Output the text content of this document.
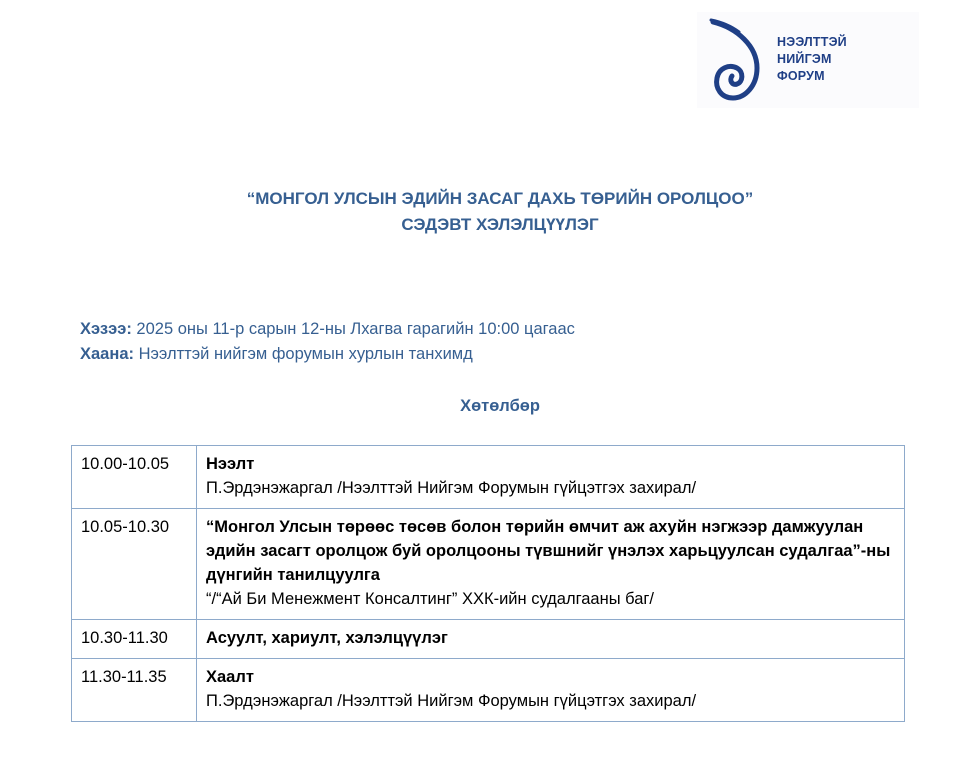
НЭЭЛТТЭЙ
НИЙГЭМ
ФОРУМ
“МОНГОЛ УЛСЫН ЭДИЙН ЗАСАГ ДАХЬ ТӨРИЙН ОРОЛЦОО”
СЭДЭВТ ХЭЛЭЛЦҮҮЛЭГ
Хэзээ: 2025 оны 11-р сарын 12-ны Лхагва гарагийн 10:00 цагаас
Хаана: Нээлттэй нийгэм форумын хурлын танхимд
Хөтөлбөр
10.00-10.05	Нээлт
П.Эрдэнэжаргал /Нээлттэй Нийгэм Форумын гүйцэтгэх захирал/

10.05-10.30	“Монгол Улсын төрөөс төсөв болон төрийн өмчит аж ахуйн нэгжээр дамжуулан эдийн засагт оролцож буй оролцооны түвшнийг үнэлэх харьцуулсан судалгаа”-ны дүнгийн танилцуулга
“/“Ай Би Менежмент Консалтинг” ХХК-ийн судалгааны баг/

10.30-11.30	Асуулт, хариулт, хэлэлцүүлэг

11.30-11.35	Хаалт
П.Эрдэнэжаргал /Нээлттэй Нийгэм Форумын гүйцэтгэх захирал/
